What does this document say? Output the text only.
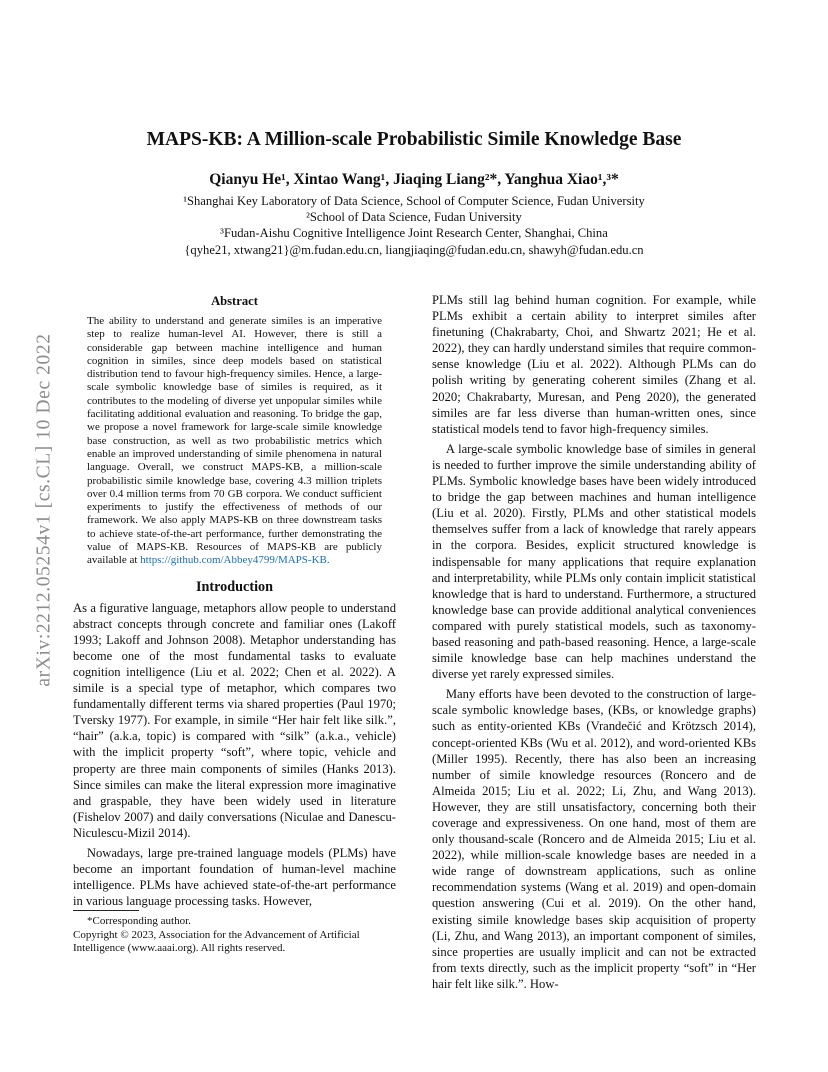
arXiv:2212.05254v1 [cs.CL] 10 Dec 2022
MAPS-KB: A Million-scale Probabilistic Simile Knowledge Base
Qianyu He¹, Xintao Wang¹, Jiaqing Liang²*, Yanghua Xiao¹,³*
¹Shanghai Key Laboratory of Data Science, School of Computer Science, Fudan University
²School of Data Science, Fudan University
³Fudan-Aishu Cognitive Intelligence Joint Research Center, Shanghai, China
{qyhe21, xtwang21}@m.fudan.edu.cn, liangjiaqing@fudan.edu.cn, shawyh@fudan.edu.cn
Abstract

The ability to understand and generate similes is an imperative step to realize human-level AI. However, there is still a considerable gap between machine intelligence and human cognition in similes, since deep models based on statistical distribution tend to favour high-frequency similes. Hence, a large-scale symbolic knowledge base of similes is required, as it contributes to the modeling of diverse yet unpopular similes while facilitating additional evaluation and reasoning. To bridge the gap, we propose a novel framework for large-scale simile knowledge base construction, as well as two probabilistic metrics which enable an improved understanding of simile phenomena in natural language. Overall, we construct MAPS-KB, a million-scale probabilistic simile knowledge base, covering 4.3 million triplets over 0.4 million terms from 70 GB corpora. We conduct sufficient experiments to justify the effectiveness of methods of our framework. We also apply MAPS-KB on three downstream tasks to achieve state-of-the-art performance, further demonstrating the value of MAPS-KB. Resources of MAPS-KB are publicly available at https://github.com/Abbey4799/MAPS-KB.

Introduction

As a figurative language, metaphors allow people to understand abstract concepts through concrete and familiar ones (Lakoff 1993; Lakoff and Johnson 2008). Metaphor understanding has become one of the most fundamental tasks to evaluate cognition intelligence (Liu et al. 2022; Chen et al. 2022). A simile is a special type of metaphor, which compares two fundamentally different terms via shared properties (Paul 1970; Tversky 1977). For example, in simile “Her hair felt like silk.”, “hair” (a.k.a, topic) is compared with “silk” (a.k.a., vehicle) with the implicit property “soft”, where topic, vehicle and property are three main components of similes (Hanks 2013). Since similes can make the literal expression more imaginative and graspable, they have been widely used in literature (Fishelov 2007) and daily conversations (Niculae and Danescu-Niculescu-Mizil 2014).

Nowadays, large pre-trained language models (PLMs) have become an important foundation of human-level machine intelligence. PLMs have achieved state-of-the-art performance in various language processing tasks. However,

PLMs still lag behind human cognition. For example, while PLMs exhibit a certain ability to interpret similes after finetuning (Chakrabarty, Choi, and Shwartz 2021; He et al. 2022), they can hardly understand similes that require common-sense knowledge (Liu et al. 2022). Although PLMs can do polish writing by generating coherent similes (Zhang et al. 2020; Chakrabarty, Muresan, and Peng 2020), the generated similes are far less diverse than human-written ones, since statistical models tend to favor high-frequency similes.

A large-scale symbolic knowledge base of similes in general is needed to further improve the simile understanding ability of PLMs. Symbolic knowledge bases have been widely introduced to bridge the gap between machines and human intelligence (Liu et al. 2020). Firstly, PLMs and other statistical models themselves suffer from a lack of knowledge that rarely appears in the corpora. Besides, explicit structured knowledge is indispensable for many applications that require explanation and interpretability, while PLMs only contain implicit statistical knowledge that is hard to understand. Furthermore, a structured knowledge base can provide additional analytical conveniences compared with purely statistical models, such as taxonomy-based reasoning and path-based reasoning. Hence, a large-scale simile knowledge base can help machines understand the diverse yet rarely expressed similes.

Many efforts have been devoted to the construction of large-scale symbolic knowledge bases, (KBs, or knowledge graphs) such as entity-oriented KBs (Vrandečić and Krötzsch 2014), concept-oriented KBs (Wu et al. 2012), and word-oriented KBs (Miller 1995). Recently, there has also been an increasing number of simile knowledge resources (Roncero and de Almeida 2015; Liu et al. 2022; Li, Zhu, and Wang 2013). However, they are still unsatisfactory, concerning both their coverage and expressiveness. On one hand, most of them are only thousand-scale (Roncero and de Almeida 2015; Liu et al. 2022), while million-scale knowledge bases are needed in a wide range of downstream applications, such as online recommendation systems (Wang et al. 2019) and open-domain question answering (Cui et al. 2019). On the other hand, existing simile knowledge bases skip acquisition of property (Li, Zhu, and Wang 2013), an important component of similes, since properties are usually implicit and can not be extracted from texts directly, such as the implicit property “soft” in “Her hair felt like silk.”. How-

*Corresponding author.
Copyright © 2023, Association for the Advancement of Artificial
Intelligence (www.aaai.org). All rights reserved.
